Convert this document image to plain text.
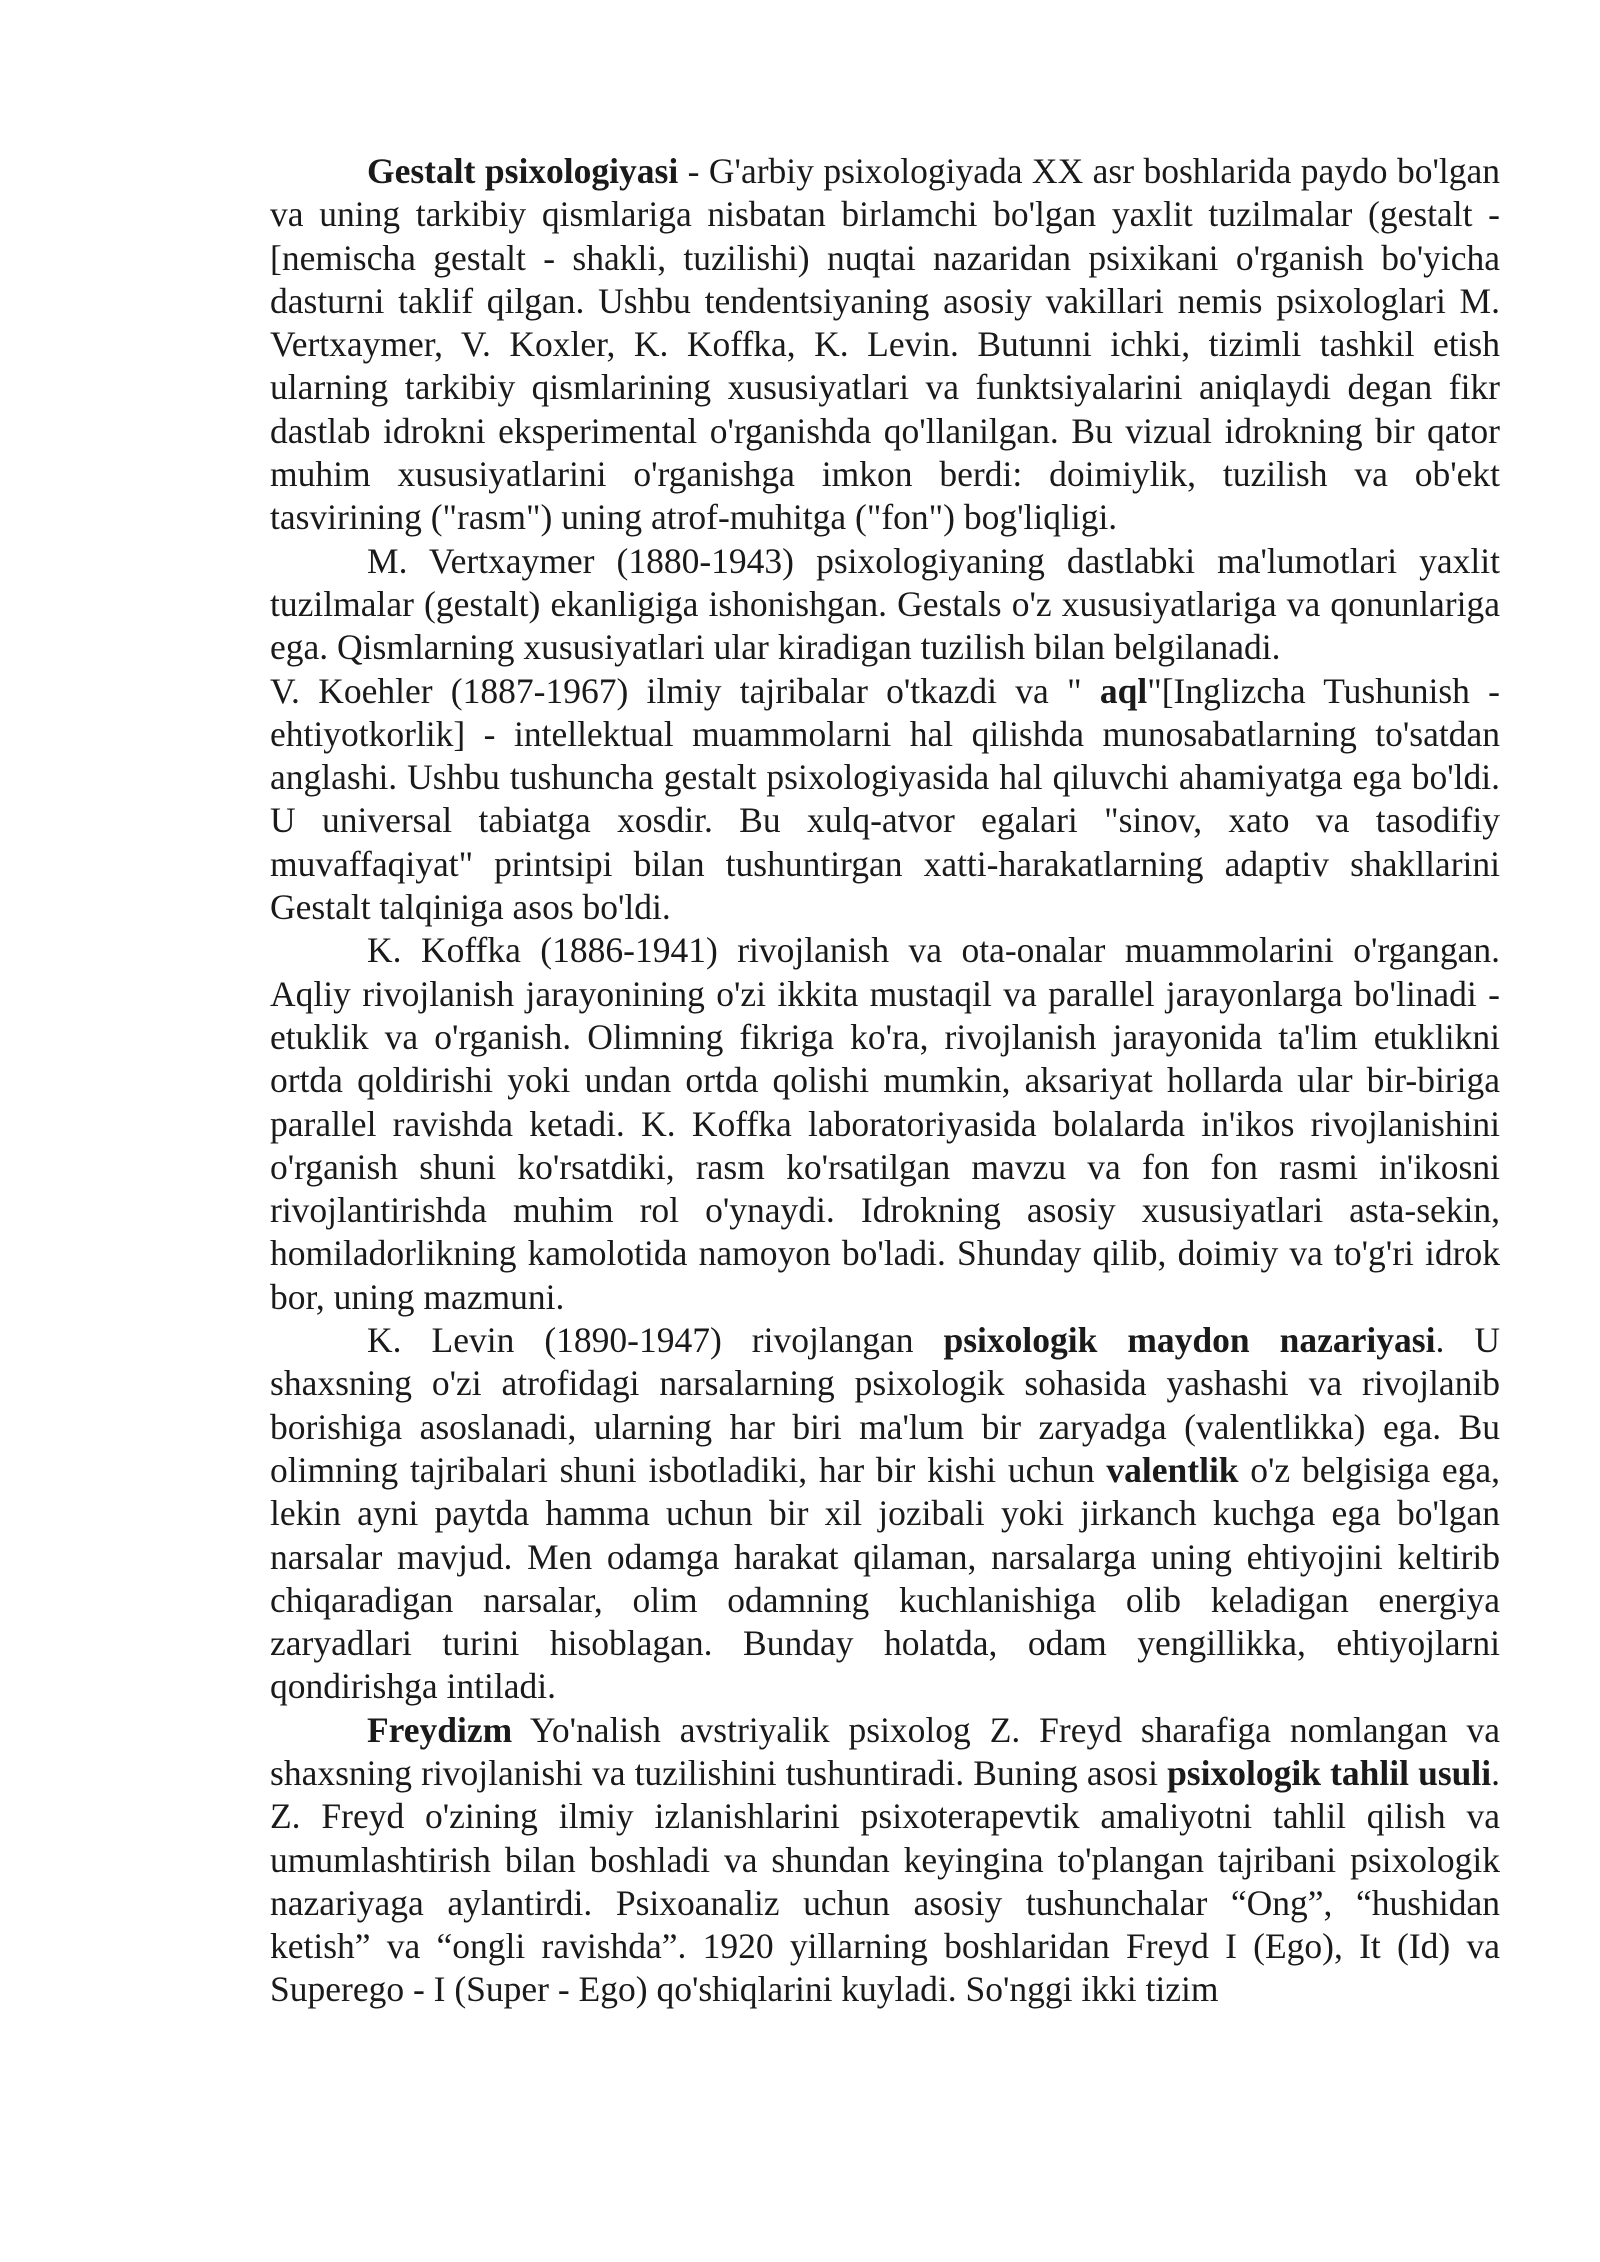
Gestalt psixologiyasi - G'arbiy psixologiyada XX asr boshlarida paydo bo'lgan va uning tarkibiy qismlariga nisbatan birlamchi bo'lgan yaxlit tuzilmalar (gestalt - [nemischa gestalt - shakli, tuzilishi) nuqtai nazaridan psixikani o'rganish bo'yicha dasturni taklif qilgan. Ushbu tendentsiyaning asosiy vakillari nemis psixologlari M. Vertxaymer, V. Koxler, K. Koffka, K. Levin. Butunni ichki, tizimli tashkil etish ularning tarkibiy qismlarining xususiyatlari va funktsiyalarini aniqlaydi degan fikr dastlab idrokni eksperimental o'rganishda qo'llanilgan. Bu vizual idrokning bir qator muhim xususiyatlarini o'rganishga imkon berdi: doimiylik, tuzilish va ob'ekt tasvirining ("rasm") uning atrof-muhitga ("fon") bog'liqligi.

M. Vertxaymer (1880-1943) psixologiyaning dastlabki ma'lumotlari yaxlit tuzilmalar (gestalt) ekanligiga ishonishgan. Gestals o'z xususiyatlariga va qonunlariga ega. Qismlarning xususiyatlari ular kiradigan tuzilish bilan belgilanadi.

V. Koehler (1887-1967) ilmiy tajribalar o'tkazdi va " aql"[Inglizcha Tushunish - ehtiyotkorlik] - intellektual muammolarni hal qilishda munosabatlarning to'satdan anglashi. Ushbu tushuncha gestalt psixologiyasida hal qiluvchi ahamiyatga ega bo'ldi. U universal tabiatga xosdir. Bu xulq-atvor egalari "sinov, xato va tasodifiy muvaffaqiyat" printsipi bilan tushuntirgan xatti-harakatlarning adaptiv shakllarini Gestalt talqiniga asos bo'ldi.

K. Koffka (1886-1941) rivojlanish va ota-onalar muammolarini o'rgangan. Aqliy rivojlanish jarayonining o'zi ikkita mustaqil va parallel jarayonlarga bo'linadi - etuklik va o'rganish. Olimning fikriga ko'ra, rivojlanish jarayonida ta'lim etuklikni ortda qoldirishi yoki undan ortda qolishi mumkin, aksariyat hollarda ular bir-biriga parallel ravishda ketadi. K. Koffka laboratoriyasida bolalarda in'ikos rivojlanishini o'rganish shuni ko'rsatdiki, rasm ko'rsatilgan mavzu va fon fon rasmi in'ikosni rivojlantirishda muhim rol o'ynaydi. Idrokning asosiy xususiyatlari asta-sekin, homiladorlikning kamolotida namoyon bo'ladi. Shunday qilib, doimiy va to'g'ri idrok bor, uning mazmuni.

K. Levin (1890-1947) rivojlangan psixologik maydon nazariyasi. U shaxsning o'zi atrofidagi narsalarning psixologik sohasida yashashi va rivojlanib borishiga asoslanadi, ularning har biri ma'lum bir zaryadga (valentlikka) ega. Bu olimning tajribalari shuni isbotladiki, har bir kishi uchun valentlik o'z belgisiga ega, lekin ayni paytda hamma uchun bir xil jozibali yoki jirkanch kuchga ega bo'lgan narsalar mavjud. Men odamga harakat qilaman, narsalarga uning ehtiyojini keltirib chiqaradigan narsalar, olim odamning kuchlanishiga olib keladigan energiya zaryadlari turini hisoblagan. Bunday holatda, odam yengillikka, ehtiyojlarni qondirishga intiladi.

Freydizm Yo'nalish avstriyalik psixolog Z. Freyd sharafiga nomlangan va shaxsning rivojlanishi va tuzilishini tushuntiradi. Buning asosi psixologik tahlil usuli. Z. Freyd o'zining ilmiy izlanishlarini psixoterapevtik amaliyotni tahlil qilish va umumlashtirish bilan boshladi va shundan keyingina to'plangan tajribani psixologik nazariyaga aylantirdi. Psixoanaliz uchun asosiy tushunchalar “Ong”, “hushidan ketish” va “ongli ravishda”. 1920 yillarning boshlaridan Freyd I (Ego), It (Id) va Superego - I (Super - Ego) qo'shiqlarini kuyladi. So'nggi ikki tizim
